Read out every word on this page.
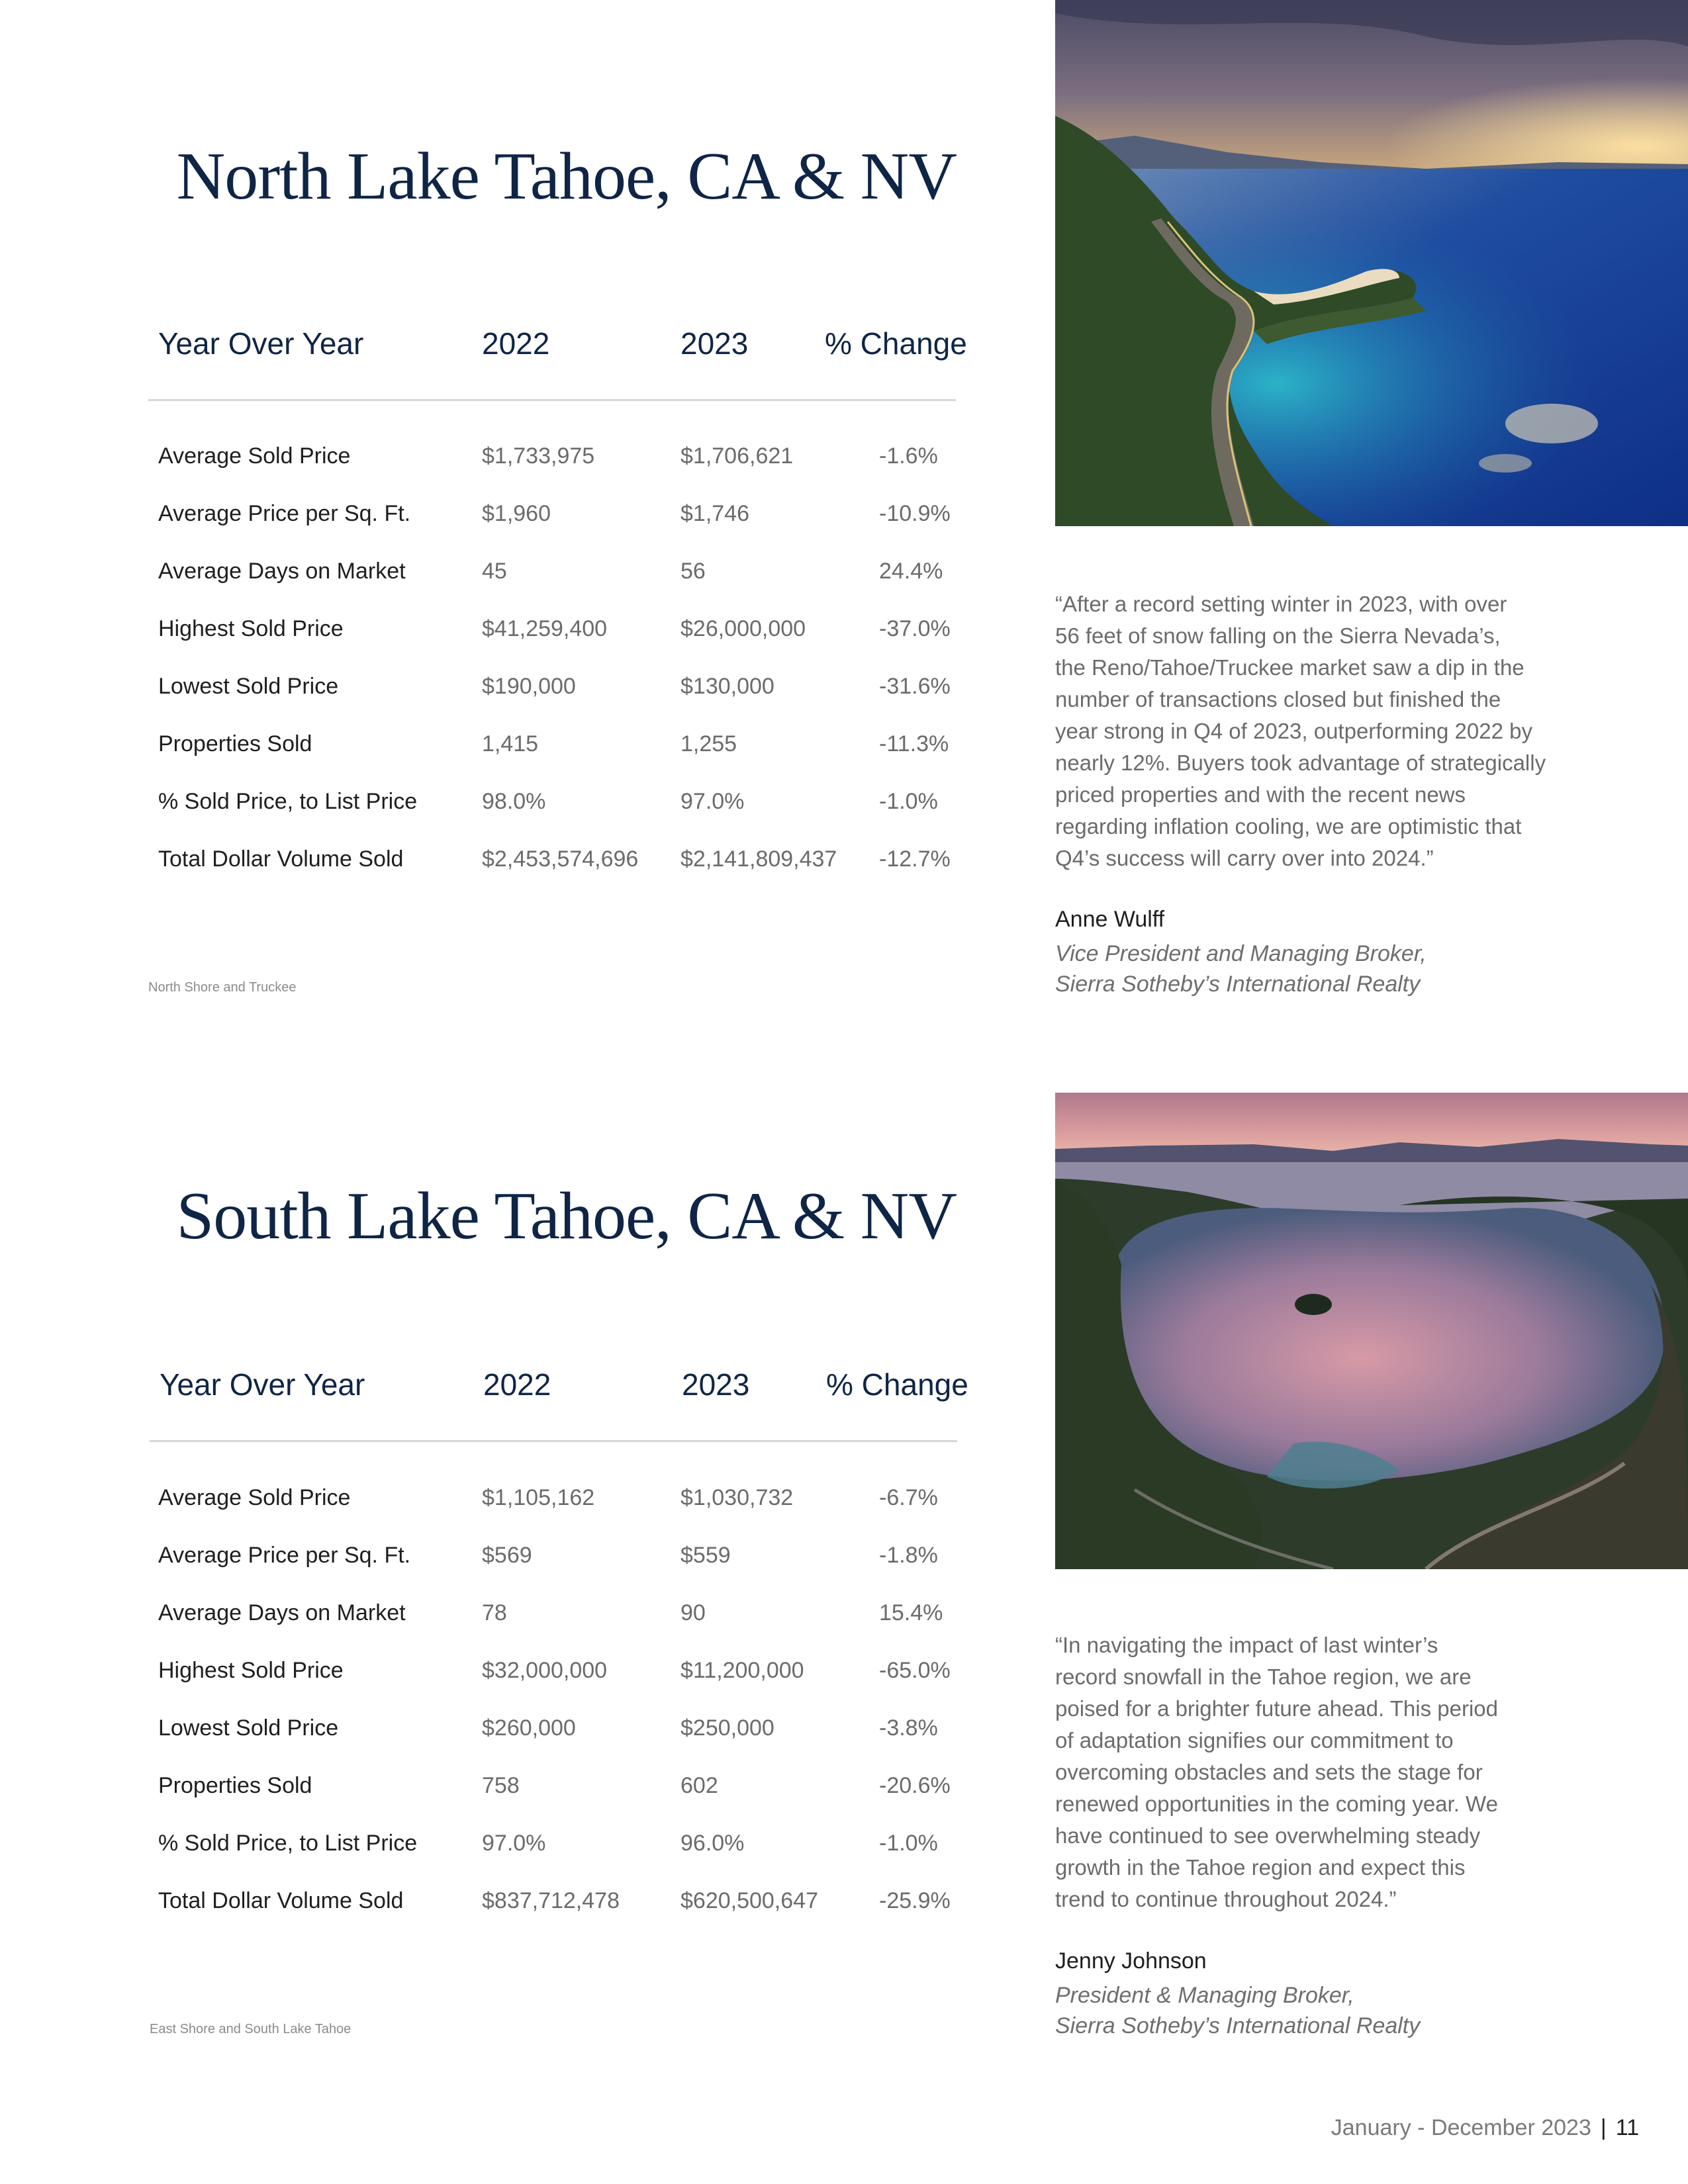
North Lake Tahoe, CA & NV
Year Over Year	2022	2023	% Change
Average Sold Price	$1,733,975	$1,706,621	-1.6%
Average Price per Sq. Ft.	$1,960	$1,746	-10.9%
Average Days on Market	45	56	24.4%
Highest Sold Price	$41,259,400	$26,000,000	-37.0%
Lowest Sold Price	$190,000	$130,000	-31.6%
Properties Sold	1,415	1,255	-11.3%
% Sold Price, to List Price	98.0%	97.0%	-1.0%
Total Dollar Volume Sold	$2,453,574,696 $2,141,809,437 -12.7%
North Shore and Truckee
“After a record setting winter in 2023, with over
56 feet of snow falling on the Sierra Nevada’s,
the Reno/Tahoe/Truckee market saw a dip in the
number of transactions closed but finished the
year strong in Q4 of 2023, outperforming 2022 by
nearly 12%. Buyers took advantage of strategically
priced properties and with the recent news
regarding inflation cooling, we are optimistic that
Q4’s success will carry over into 2024.”
Anne Wulff
Vice President and Managing Broker,
Sierra Sotheby’s International Realty
South Lake Tahoe, CA & NV
Year Over Year	2022	2023	% Change
Average Sold Price	$1,105,162	$1,030,732	-6.7%
Average Price per Sq. Ft.	$569	$559	-1.8%
Average Days on Market	78	90	15.4%
Highest Sold Price	$32,000,000	$11,200,000	-65.0%
Lowest Sold Price	$260,000	$250,000	-3.8%
Properties Sold	758	602	-20.6%
% Sold Price, to List Price	97.0%	96.0%	-1.0%
Total Dollar Volume Sold	$837,712,478	$620,500,647	-25.9%
East Shore and South Lake Tahoe
“In navigating the impact of last winter’s
record snowfall in the Tahoe region, we are
poised for a brighter future ahead. This period
of adaptation signifies our commitment to
overcoming obstacles and sets the stage for
renewed opportunities in the coming year. We
have continued to see overwhelming steady
growth in the Tahoe region and expect this
trend to continue throughout 2024.”
Jenny Johnson
President & Managing Broker,
Sierra Sotheby’s International Realty
January - December 2023 | 11
